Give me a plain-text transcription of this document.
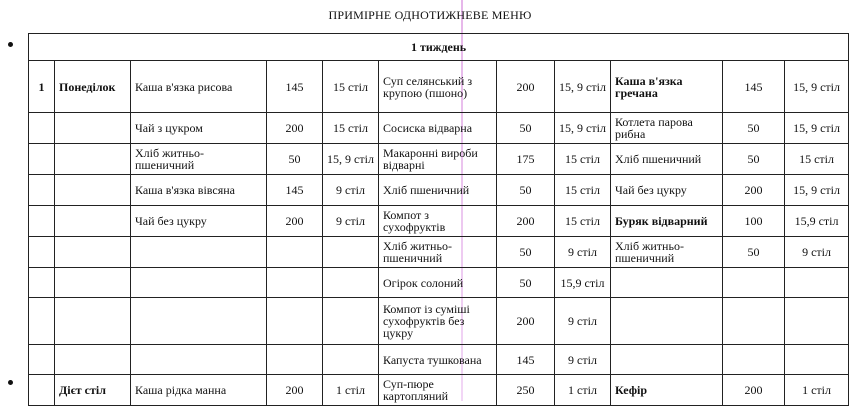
ПРИМІРНЕ ОДНОТИЖНЕВЕ МЕНЮ
1 тиждень										
1	Понеділок	Каша в'язка рисова	145	15 стіл	Суп селянський з крупою (пшоно)	200	15, 9 стіл	Каша в'язка гречана	145	15, 9 стіл
		Чай з цукром	200	15 стіл	Сосиска відварна	50	15, 9 стіл	Котлета парова рибна	50	15, 9 стіл
		Хліб житньо-пшеничний	50	15, 9 стіл	Макаронні вироби відварні	175	15 стіл	Хліб пшеничний	50	15 стіл
		Каша в'язка вівсяна	145	9 стіл	Хліб пшеничний	50	15 стіл	Чай без цукру	200	15, 9 стіл
		Чай без цукру	200	9 стіл	Компот з сухофруктів	200	15 стіл	Буряк відварний	100	15,9 стіл
					Хліб житньо-пшеничний	50	9 стіл	Хліб житньо-пшеничний	50	9 стіл
					Огірок солоний	50	15,9 стіл			
					Компот із суміші сухофруктів без цукру	200	9 стіл			
					Капуста тушкована	145	9 стіл			
	Дієт стіл	Каша рідка манна	200	1 стіл	Суп-пюре картопляний	250	1 стіл	Кефір	200	1 стіл
